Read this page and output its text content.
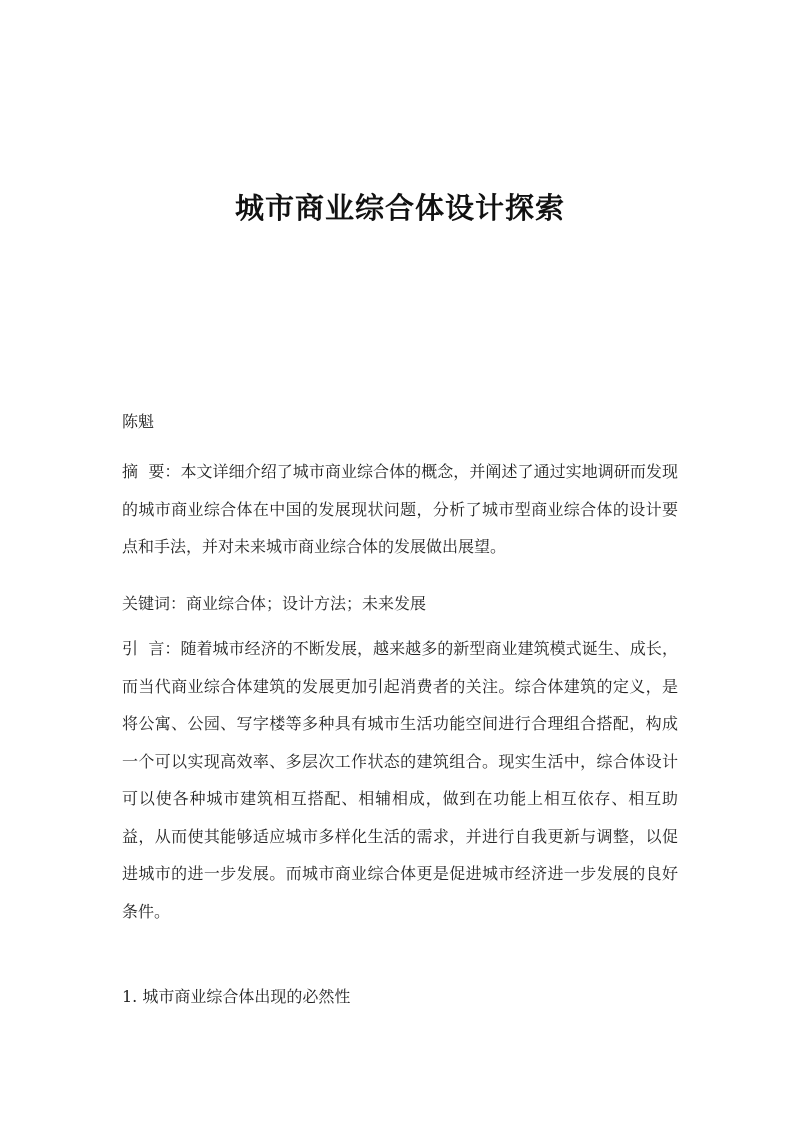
城市商业综合体设计探索

陈魁

摘  要：本文详细介绍了城市商业综合体的概念，并阐述了通过实地调研而发现的城市商业综合体在中国的发展现状问题，分析了城市型商业综合体的设计要点和手法，并对未来城市商业综合体的发展做出展望。

关键词：商业综合体；设计方法；未来发展

引  言：随着城市经济的不断发展，越来越多的新型商业建筑模式诞生、成长，而当代商业综合体建筑的发展更加引起消费者的关注。综合体建筑的定义，是将公寓、公园、写字楼等多种具有城市生活功能空间进行合理组合搭配，构成一个可以实现高效率、多层次工作状态的建筑组合。现实生活中，综合体设计可以使各种城市建筑相互搭配、相辅相成，做到在功能上相互依存、相互助益，从而使其能够适应城市多样化生活的需求，并进行自我更新与调整，以促进城市的进一步发展。而城市商业综合体更是促进城市经济进一步发展的良好条件。

1. 城市商业综合体出现的必然性
